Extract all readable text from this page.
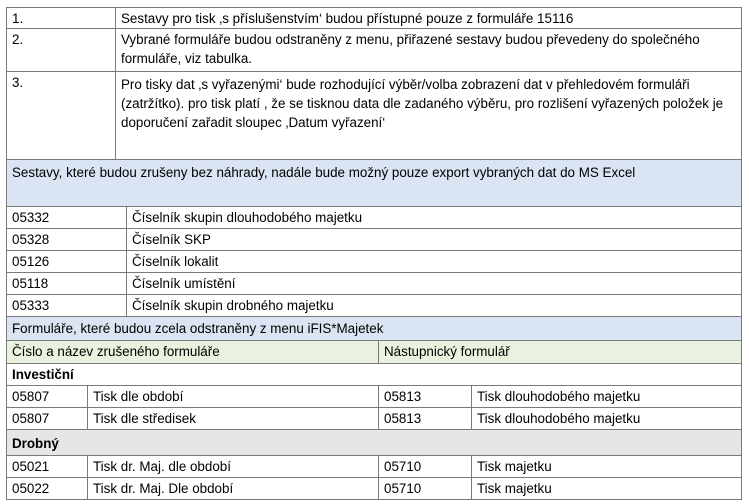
1.	Sestavy pro tisk ‚s příslušenstvím‘ budou přístupné pouze z formuláře 15116
2.	Vybrané formuláře budou odstraněny z menu, přiřazené sestavy budou převedeny do společného formuláře, viz tabulka.
3.	Pro tisky dat ‚s vyřazenými‘ bude rozhodující výběr/volba zobrazení dat v přehledovém formuláři (zatržítko). pro tisk platí , že se tisknou data dle zadaného výběru, pro rozlišení vyřazených položek je doporučení zařadit sloupec ‚Datum vyřazení‘
Sestavy, které budou zrušeny bez náhrady, nadále bude možný pouze export vybraných dat do MS Excel
05332	Číselník skupin dlouhodobého majetku
05328	Číselník SKP
05126	Číselník lokalit
05118	Číselník umístění
05333	Číselník skupin drobného majetku
Formuláře, které budou zcela odstraněny z menu iFIS*Majetek
Číslo a název zrušeného formuláře	Nástupnický formulář
Investiční
05807	Tisk dle období	05813	Tisk dlouhodobého majetku
05807	Tisk dle středisek	05813	Tisk dlouhodobého majetku
Drobný
05021	Tisk dr. Maj. dle období	05710	Tisk majetku
05022	Tisk dr. Maj. Dle období	05710	Tisk majetku
